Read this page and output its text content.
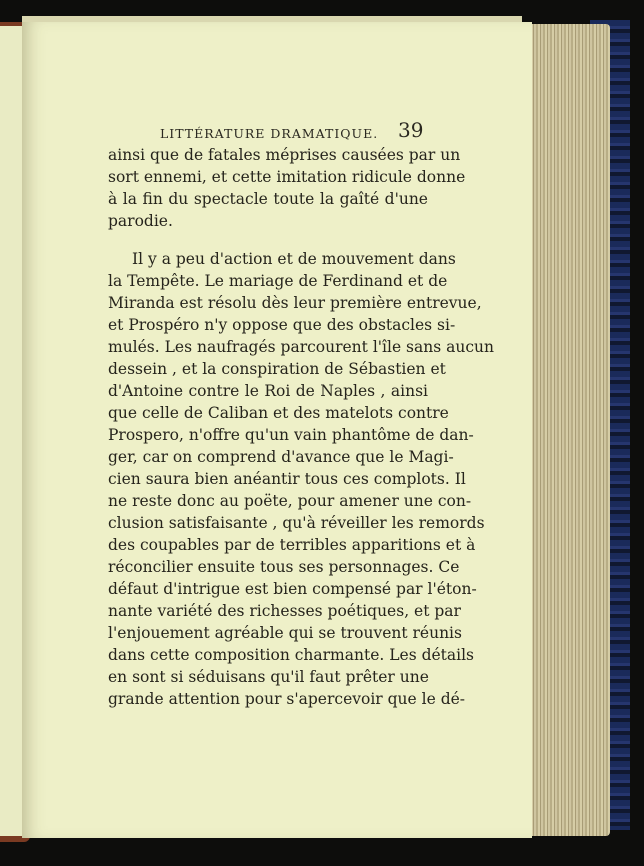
LITTÉRATURE DRAMATIQUE. 39
ainsi que de fatales méprises causées par un
sort ennemi, et cette imitation ridicule donne
à la fin du spectacle toute la gaîté d'une
parodie.
Il y a peu d'action et de mouvement dans
la Tempête. Le mariage de Ferdinand et de
Miranda est résolu dès leur première entrevue,
et Prospéro n'y oppose que des obstacles si-
mulés. Les naufragés parcourent l'île sans aucun
dessein , et la conspiration de Sébastien et
d'Antoine contre le Roi de Naples , ainsi
que celle de Caliban et des matelots contre
Prospero, n'offre qu'un vain phantôme de dan-
ger, car on comprend d'avance que le Magi-
cien saura bien anéantir tous ces complots. Il
ne reste donc au poëte, pour amener une con-
clusion satisfaisante , qu'à réveiller les remords
des coupables par de terribles apparitions et à
réconcilier ensuite tous ses personnages. Ce
défaut d'intrigue est bien compensé par l'éton-
nante variété des richesses poétiques, et par
l'enjouement agréable qui se trouvent réunis
dans cette composition charmante. Les détails
en sont si séduisans qu'il faut prêter une
grande attention pour s'apercevoir que le dé-
